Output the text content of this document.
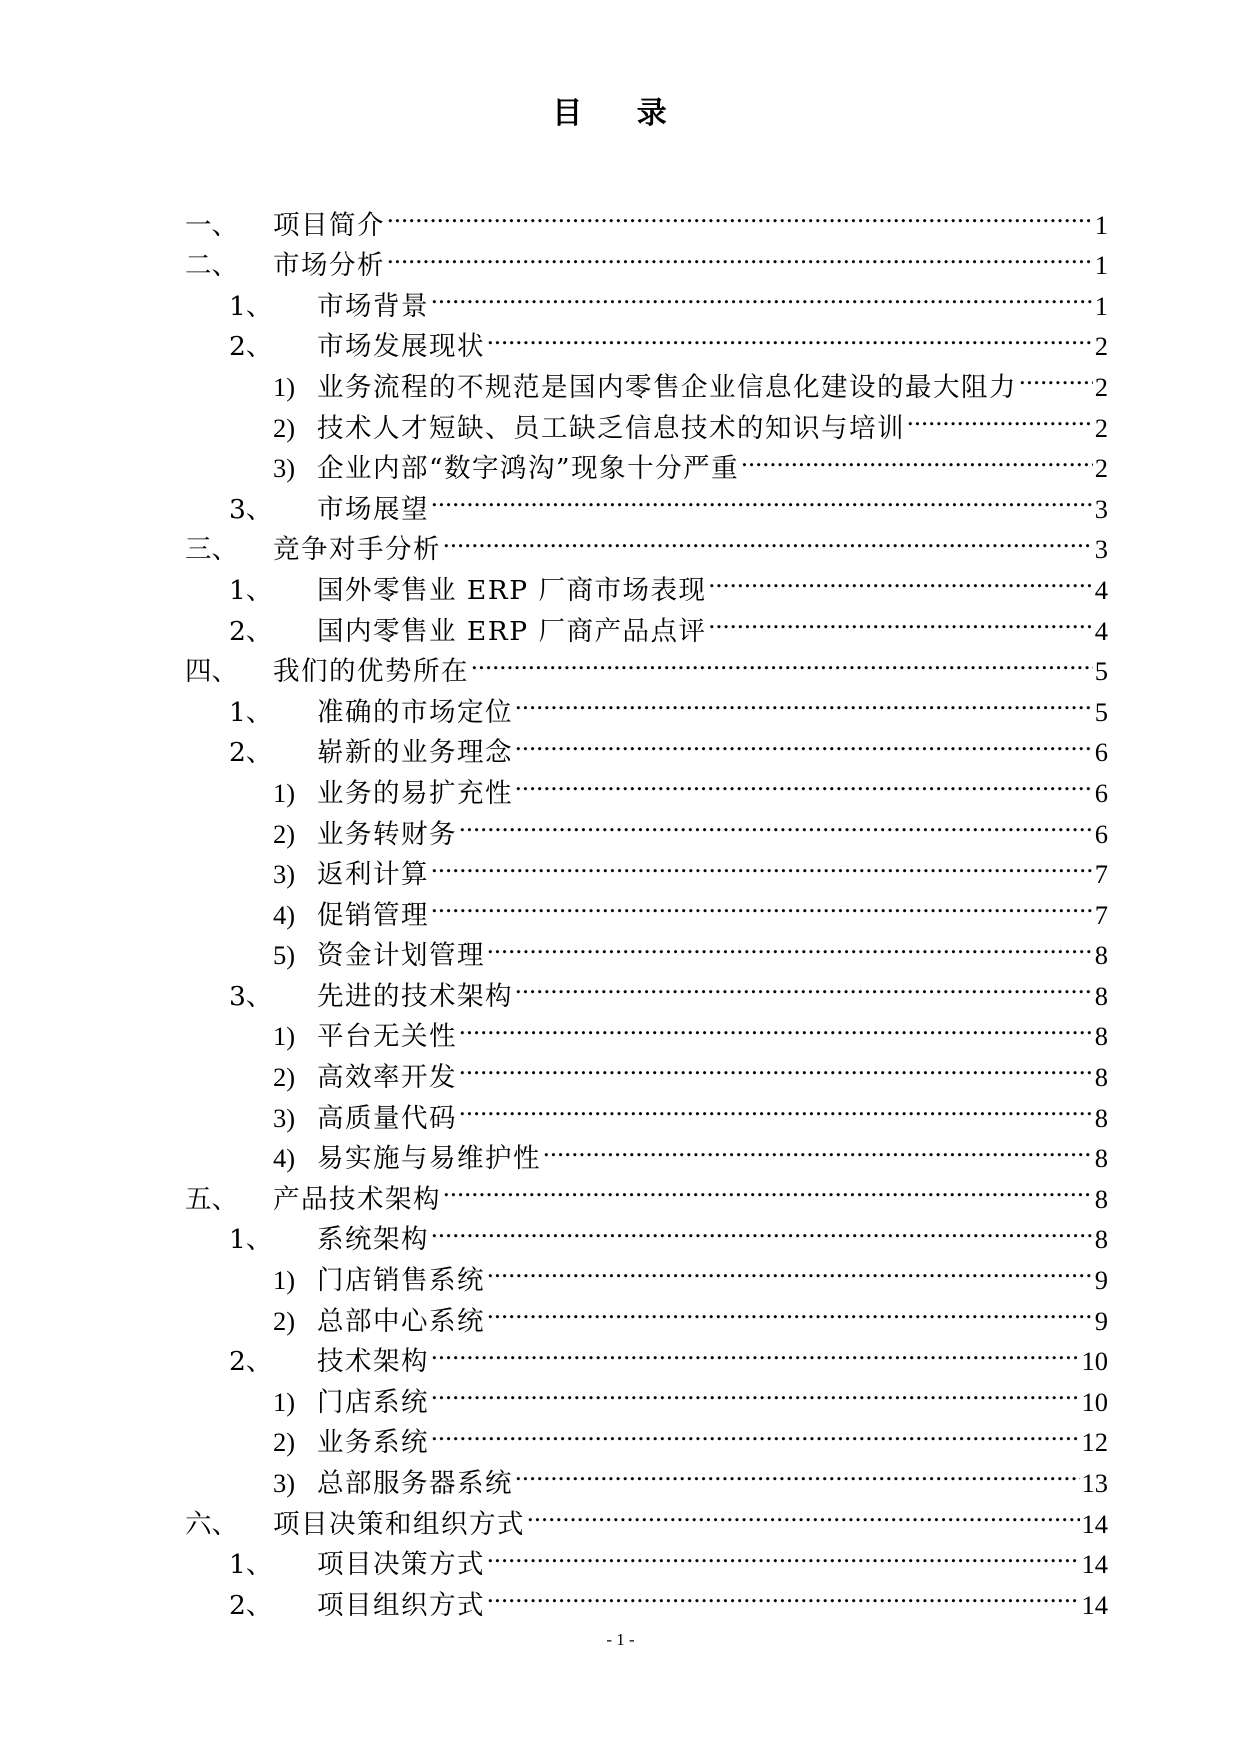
目 录
一、	项目简介 .....	1
二、	市场分析 .....	1
1、	市场背景 .....	1
2、	市场发展现状 .....	2
1) 业务流程的不规范是国内零售企业信息化建设的最大阻力 .....	2
2) 技术人才短缺、员工缺乏信息技术的知识与培训 .....	2
3) 企业内部“数字鸿沟”现象十分严重 .....	2
3、	市场展望 .....	3
三、	竞争对手分析 .....	3
1、	国外零售业 ERP 厂商市场表现 .....	4
2、	国内零售业 ERP 厂商产品点评 .....	4
四、	我们的优势所在 .....	5
1、	准确的市场定位 .....	5
2、	崭新的业务理念 .....	6
1) 业务的易扩充性 .....	6
2) 业务转财务 .....	6
3) 返利计算 .....	7
4) 促销管理 .....	7
5) 资金计划管理 .....	8
3、	先进的技术架构 .....	8
1) 平台无关性 .....	8
2) 高效率开发 .....	8
3) 高质量代码 .....	8
4) 易实施与易维护性 .....	8
五、	产品技术架构 .....	8
1、	系统架构 .....	8
1) 门店销售系统 .....	9
2) 总部中心系统 .....	9
2、	技术架构 .....	10
1) 门店系统 .....	10
2) 业务系统 .....	12
3) 总部服务器系统 .....	13
六、	项目决策和组织方式 .....	14
1、	项目决策方式 .....	14
2、	项目组织方式 .....	14
- 1 -
